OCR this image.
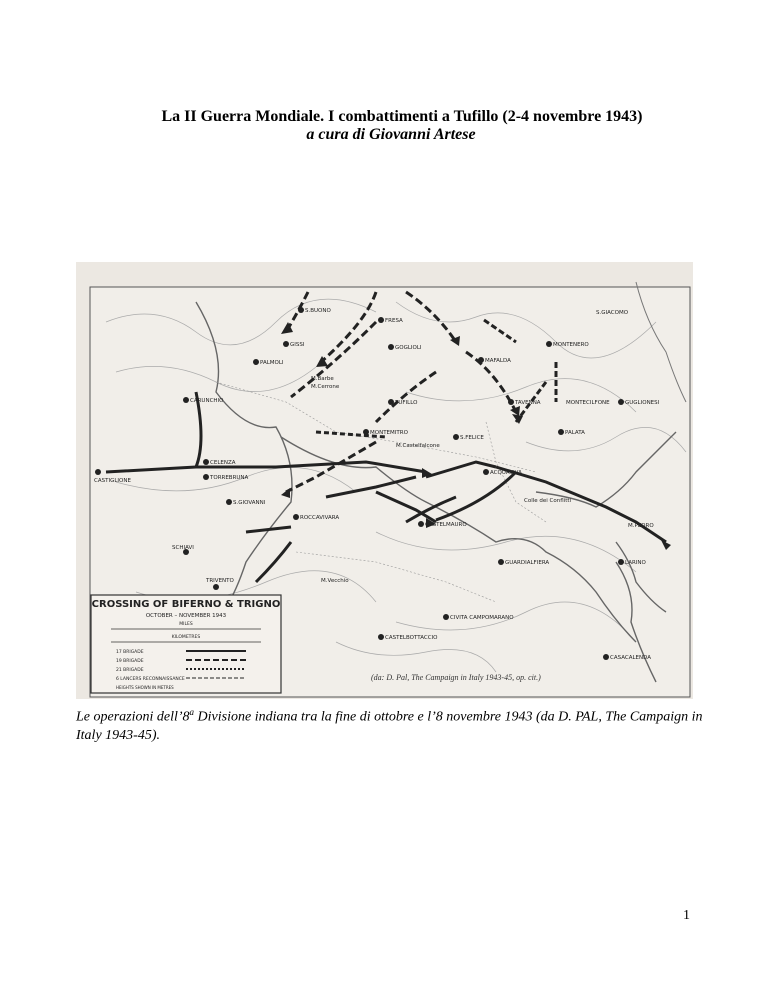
La II Guerra Mondiale. I combattimenti a Tufillo (2-4 novembre 1943)
a cura di Giovanni Artese
S.BUONO
FRESA
S.GIACOMO
GISSI	GOGLIOLI	MONTENERO
PALMOLI	MAFALDA
CARUNCHIO	TUFILLO	TAVENNA	MONTECILFONE	GUGLIONESI
PALATA
MONTEMITRO
S.FELICE
CELENZA
ACQUAVIVA
CASTIGLIONE	TORREBRUNA
S.GIOVANNI
ROCCAVIVARA
CASTELMAURO
GUARDIALFIERA	LARINO
M.PEDRO
SCHIAVI
TRIVENTO
CIVITA CAMPOMARANO
CASTELBOTTACCIO
CASACALENDA
M.Castelfalcone
M.Vecchio
Colle dei Conflitti
M.Barbe
M.Cerrone
CROSSING OF BIFERNO & TRIGNO
OCTOBER – NOVEMBER 1943
MILES
KILOMETRES
17 BRIGADE
19 BRIGADE
21 BRIGADE
6 LANCERS RECONNAISSANCE
HEIGHTS SHOWN IN METRES
(da: D. Pal, The Campaign in Italy 1943-45, op. cit.)
Le operazioni dell’8$^a$ Divisione indiana tra la fine di ottobre e l’8 novembre 1943 (da D. PAL, The Campaign in Italy 1943-45).
1
